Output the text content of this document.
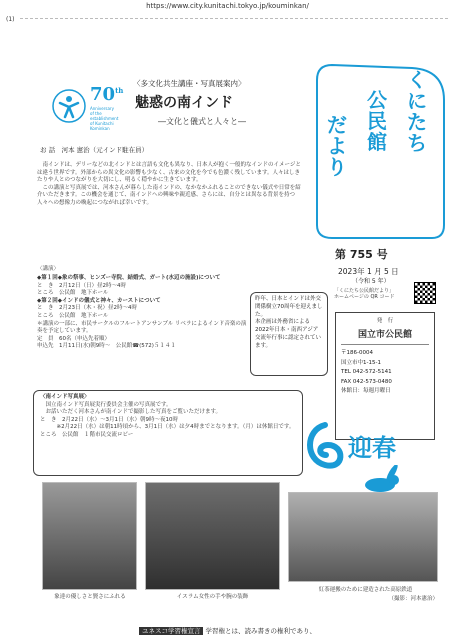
https://www.city.kunitachi.tokyo.jp/kouminkan/
(1)
70th
Anniversary
of the establishment
of Kunitachi Kominkan
〈多文化共生講座・写真展案内〉
魅惑の南インド
―文化と儀式と人々と―
お 話　河本 憲治（元インド駐在員）

　南インドは、デリーなどの北インドとは言語も文化も異なり、日本人が抱く一般的なインドのイメージとは違う世界です。外部からの異文化の影響も少なく、古来の文化を今でも色濃く残しています。人々はしきたりや人とのつながりを大切にし、明るく穏やかに生きています。

　この講演と写真展では、河本さんが暮らした南インドの、なかなかふれることのできない儀式や日常を紹介いただきます。この機会を通じて、南インドへの興味や親近感、さらには、自分とは異なる背景を持つ人々への想像力の喚起につながれば幸いです。

〈講演〉
◆第１回◆象の祭事、ヒンズー寺院、結婚式、ガート(水辺の施設)について
と　き　2月12日（日）昼2時～4時
ところ　公民館　地下ホール
◆第２回◆インドの儀式と神々、カーストについて
と　き　2月23日（木・祝）昼2時～4時
ところ　公民館　地下ホール
＊講演の一部に、市民サークルのフルートアンサンブル リベラによるインド音楽の演奏を予定しています。
定　員　60名（申込先着順）
申込先　1月11日(水)朝9時～　公民館☎(572)５１４１

昨年、日本とインドは外交関係樹立70周年を迎えました。

本企画は外務省による2022年日本・南西アジア交流年行事に認定されています。

〈南インド写真展〉
　国立南インド写真展実行委員会主催の写真展です。
　お話いただく河本さんが南インドで撮影した写真をご覧いただけます。
と　き　2月22日（水）～3月1日（水）朝9時～夜10時
　　　※2月22日（水）は朝11時頃から、3月1日（水）は夕4時までとなります。（月）は休館日です。
ところ　公民館　１階市民交流ロビー
く
に
た
ち
公
民
館
だ
よ
り
第 755 号
2023年 1 月 5 日
（令和 5 年）
「くにたち公民館だより」
ホームページの QR コード
発　行
国立市公民館
〒186-0004
国立市中1-15-1
TEL 042-572-5141
FAX 042-573-0480
休館日：毎週月曜日
迎春
象達の優しさと賢さにふれる	イスラム女性の手や腕の装飾
紅茶運搬のために建造された高原鉄道
（撮影：河本憲治）
ユネスコ学習権宣言 学習権とは、読み書きの権利であり、
